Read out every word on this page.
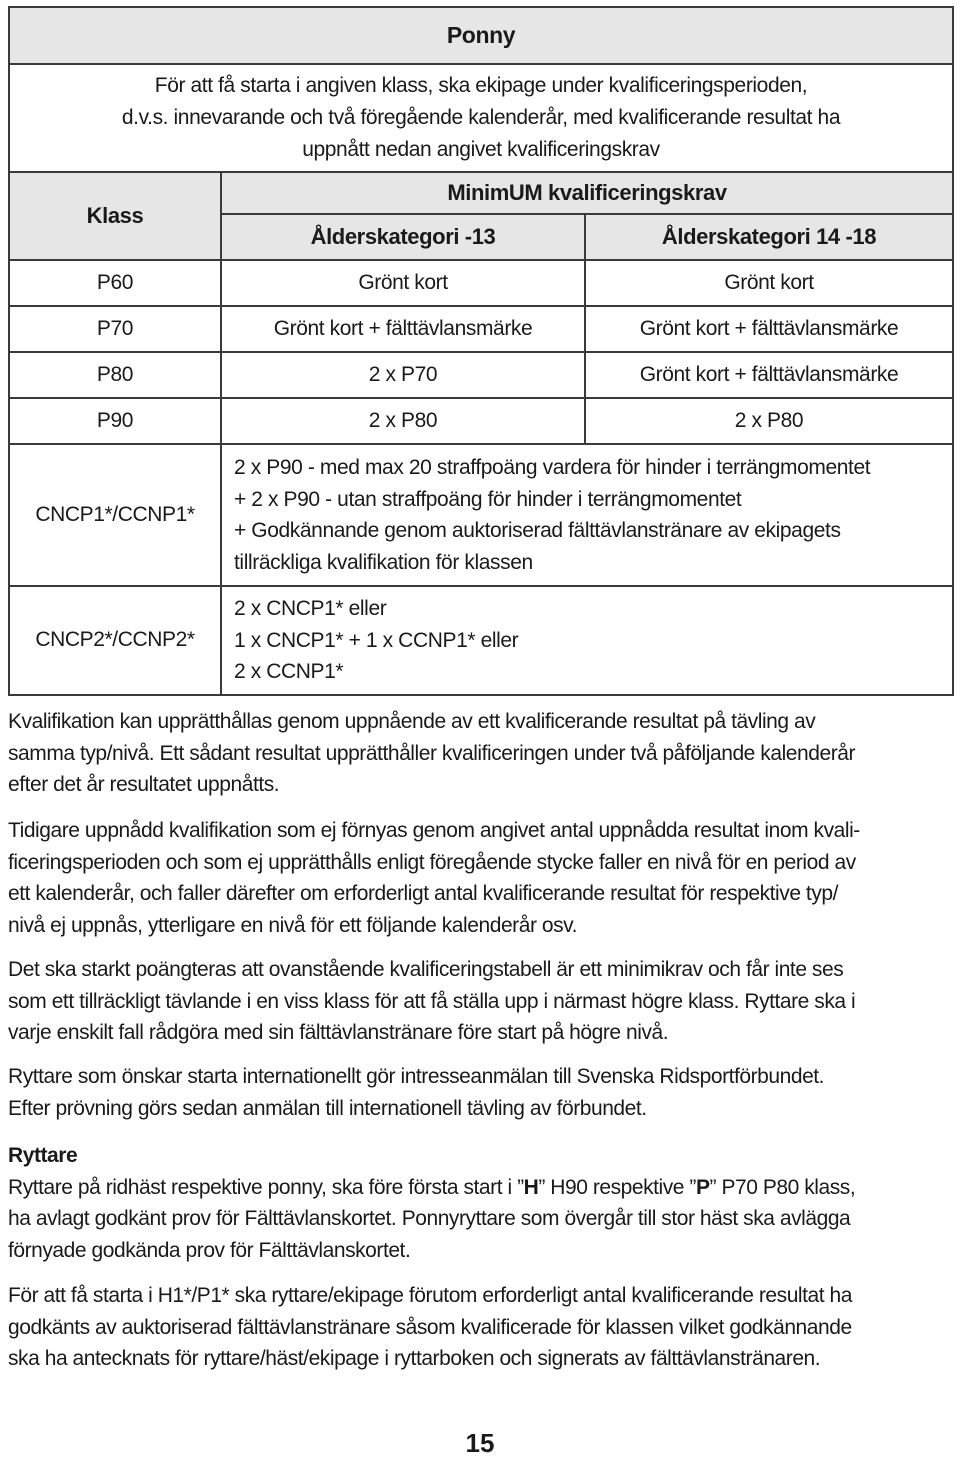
Ponny		
För att få starta i angiven klass, ska ekipage under kvalificeringsperioden,
d.v.s. innevarande och två föregående kalenderår, med kvalificerande resultat ha
uppnått nedan angivet kvalificeringskrav		
Klass	MinimUM kvalificeringskrav	
	Ålderskategori -13	Ålderskategori 14 -18
P60	Grönt kort	Grönt kort
P70	Grönt kort + fälttävlansmärke	Grönt kort + fälttävlansmärke
P80	2 x P70	Grönt kort + fälttävlansmärke
P90	2 x P80	2 x P80
CNCP1*/CCNP1*	2 x P90 - med max 20 straffpoäng vardera för hinder i terrängmomentet
+ 2 x P90 - utan straffpoäng för hinder i terrängmomentet
+ Godkännande genom auktoriserad fälttävlanstränare av ekipagets
tillräckliga kvalifikation för klassen	

CNCP2*/CCNP2*	2 x CNCP1* eller
1 x CNCP1* + 1 x CCNP1* eller
2 x CCNP1*	

Kvalifikation kan upprätthållas genom uppnående av ett kvalificerande resultat på tävling av
samma typ/nivå. Ett sådant resultat upprätthåller kvalificeringen under två påföljande kalenderår
efter det år resultatet uppnåtts.

Tidigare uppnådd kvalifikation som ej förnyas genom angivet antal uppnådda resultat inom kvali-
ficeringsperioden och som ej upprätthålls enligt föregående stycke faller en nivå för en period av
ett kalenderår, och faller därefter om erforderligt antal kvalificerande resultat för respektive typ/
nivå ej uppnås, ytterligare en nivå för ett följande kalenderår osv.

Det ska starkt poängteras att ovanstående kvalificeringstabell är ett minimikrav och får inte ses
som ett tillräckligt tävlande i en viss klass för att få ställa upp i närmast högre klass. Ryttare ska i
varje enskilt fall rådgöra med sin fälttävlanstränare före start på högre nivå.

Ryttare som önskar starta internationellt gör intresseanmälan till Svenska Ridsportförbundet.
Efter prövning görs sedan anmälan till internationell tävling av förbundet.

Ryttare
Ryttare på ridhäst respektive ponny, ska före första start i ”H” H90 respektive ”P” P70 P80 klass,
ha avlagt godkänt prov för Fälttävlanskortet. Ponnyryttare som övergår till stor häst ska avlägga
förnyade godkända prov för Fälttävlanskortet.

För att få starta i H1*/P1* ska ryttare/ekipage förutom erforderligt antal kvalificerande resultat ha
godkänts av auktoriserad fälttävlanstränare såsom kvalificerade för klassen vilket godkännande
ska ha antecknats för ryttare/häst/ekipage i ryttarboken och signerats av fälttävlanstränaren.

15
